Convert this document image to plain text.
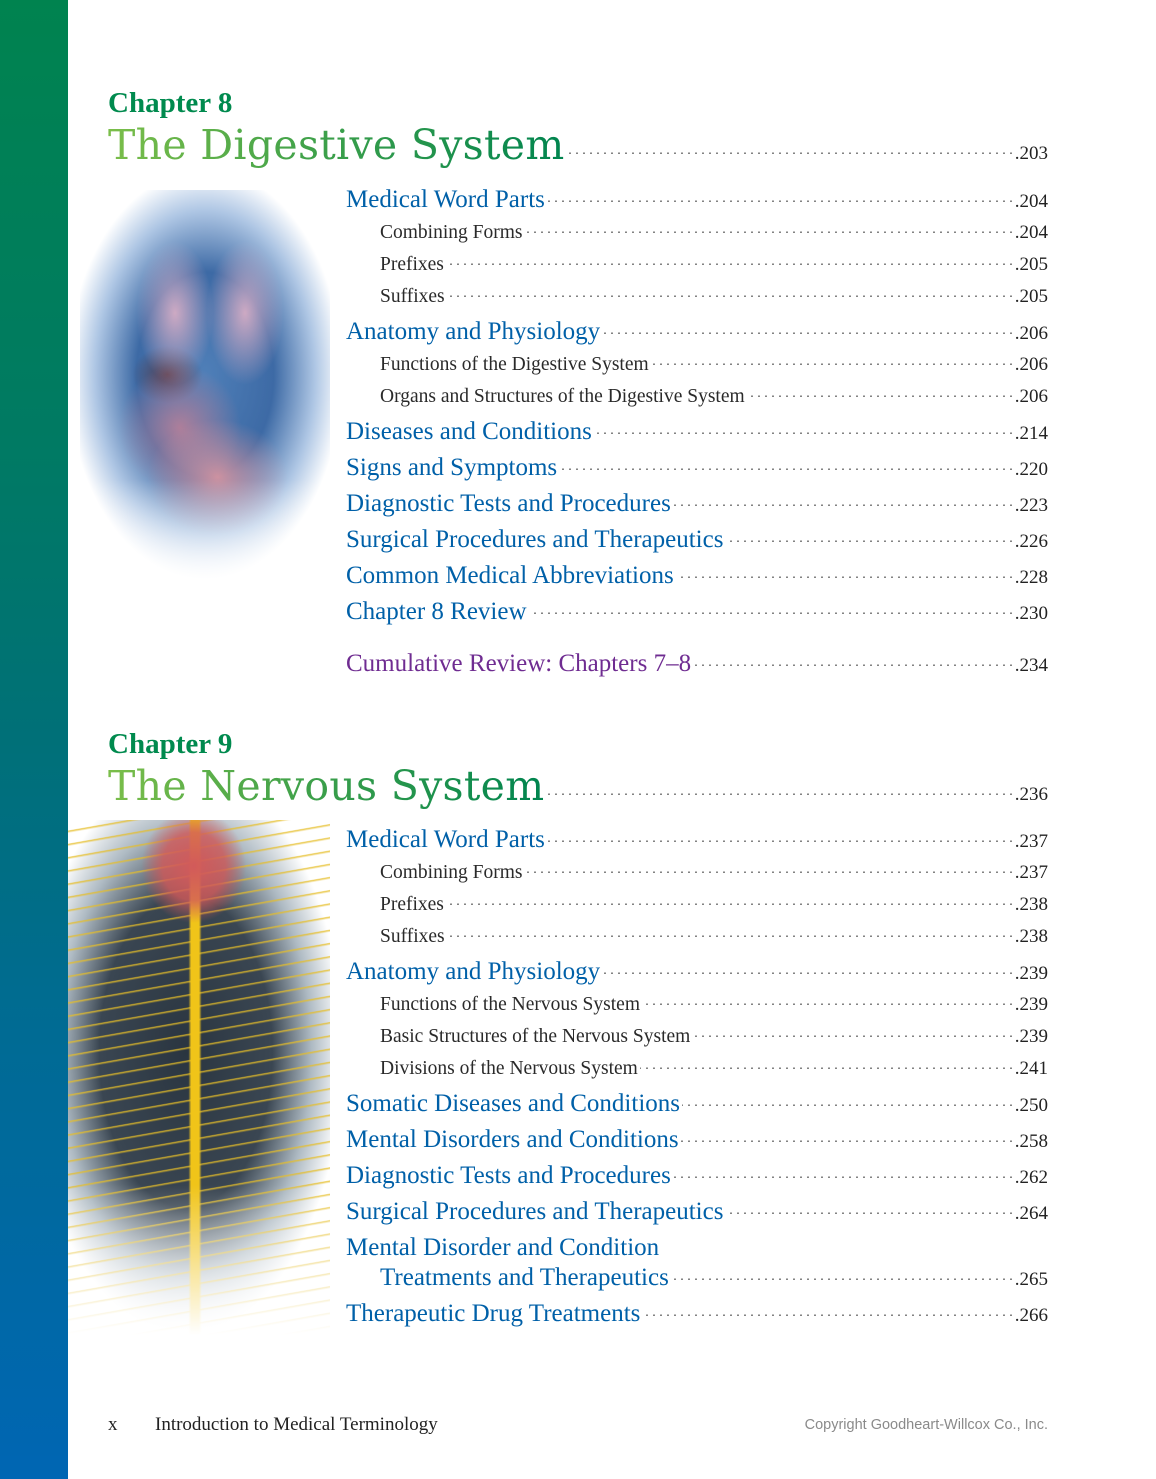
Chapter 8
The Digestive System . . .	.203
Medical Word Parts . . .	.204
Combining Forms . . .	.204
Prefixes . . .	.205
Suffixes . . .	.205
Anatomy and Physiology . . .	.206
Functions of the Digestive System . . .	.206
Organs and Structures of the Digestive System . . .	.206
Diseases and Conditions . . .	.214
Signs and Symptoms . . .	.220
Diagnostic Tests and Procedures . . .	.223
Surgical Procedures and Therapeutics . . .	.226
Common Medical Abbreviations . . .	.228
Chapter 8 Review . . .	.230
Cumulative Review: Chapters 7–8 . . .	.234
Chapter 9
The Nervous System . . .	.236
Medical Word Parts . . .	.237
Combining Forms . . .	.237
Prefixes . . .	.238
Suffixes . . .	.238
Anatomy and Physiology . . .	.239
Functions of the Nervous System . . .	.239
Basic Structures of the Nervous System . . .	.239
Divisions of the Nervous System . . .	.241
Somatic Diseases and Conditions . . .	.250
Mental Disorders and Conditions . . .	.258
Diagnostic Tests and Procedures . . .	.262
Surgical Procedures and Therapeutics . . .	.264
Mental Disorder and Condition
Treatments and Therapeutics . . .	.265
Therapeutic Drug Treatments . . .	.266
x Introduction to Medical Terminology	Copyright Goodheart-Willcox Co., Inc.
